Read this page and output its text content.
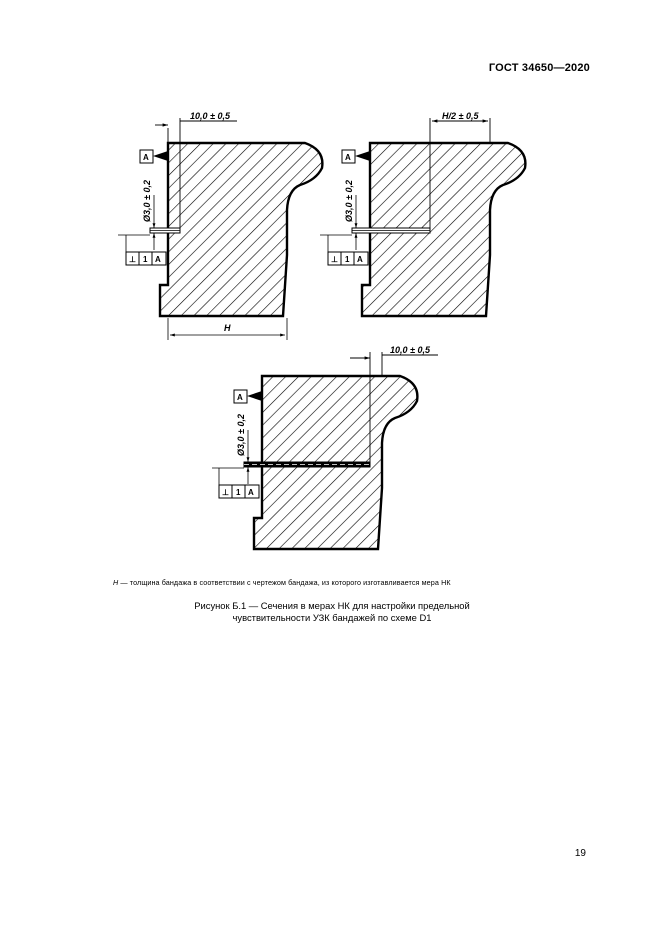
ГОСТ 34650—2020
10,0 ± 0,5
A
Ø3,0 ± 0,2
⊥ 1 A
H
H/2 ± 0,5
A
Ø3,0 ± 0,2
⊥ 1 A
10,0 ± 0,5
A
Ø3,0 ± 0,2
⊥ 1 A
H — толщина бандажа в соответствии с чертежом бандажа, из которого изготавливается мера НК
Рисунок Б.1 — Сечения в мерах НК для настройки предельной
чувствительности УЗК бандажей по схеме D1
19
